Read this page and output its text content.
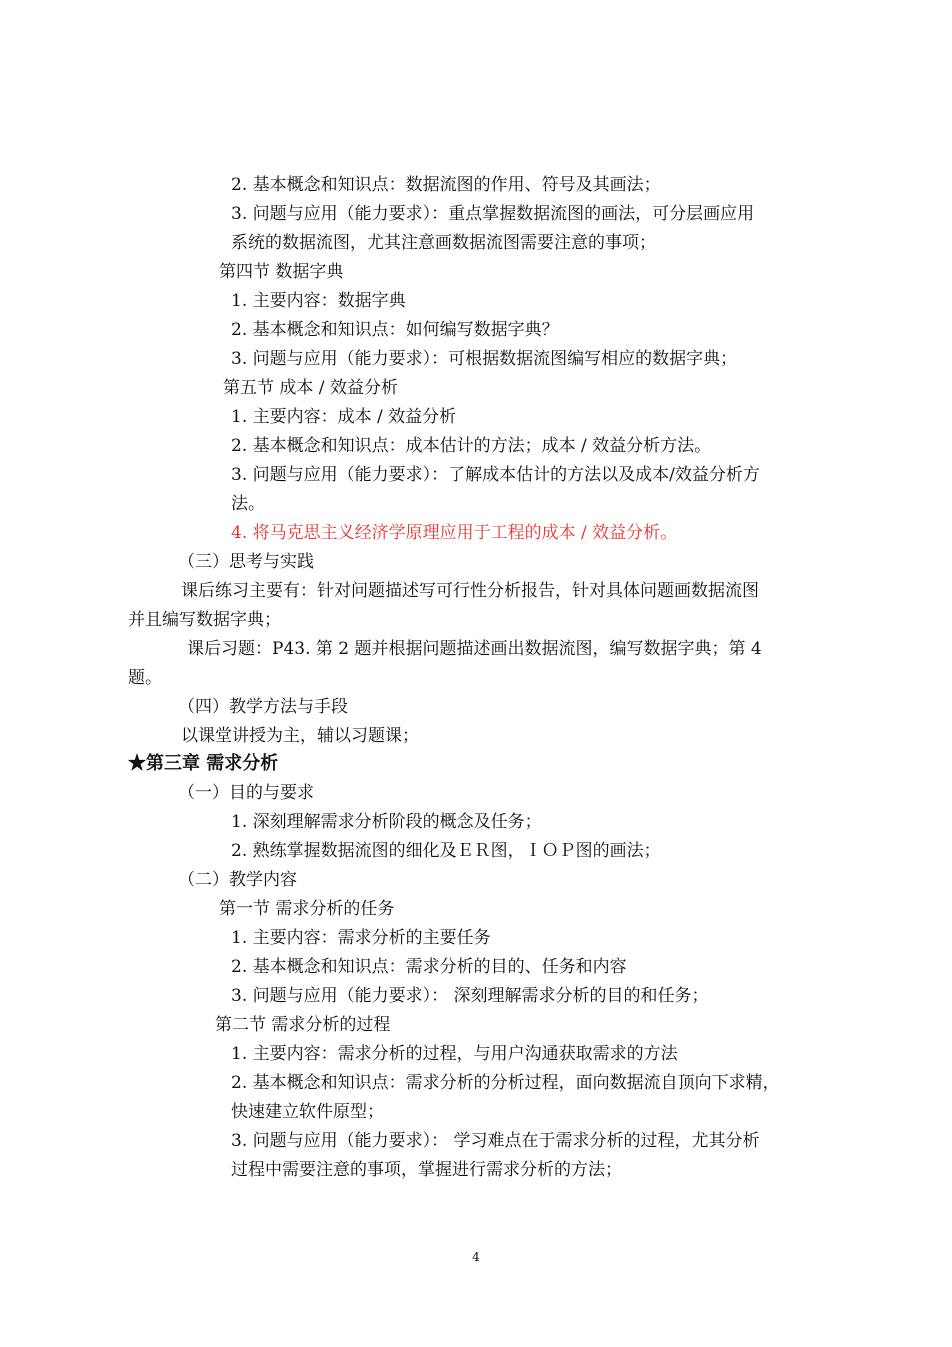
2. 基本概念和知识点：数据流图的作用、符号及其画法；
3. 问题与应用（能力要求）：重点掌握数据流图的画法，可分层画应用
系统的数据流图，尤其注意画数据流图需要注意的事项；
第四节 数据字典
1. 主要内容：数据字典
2. 基本概念和知识点：如何编写数据字典？
3. 问题与应用（能力要求）：可根据数据流图编写相应的数据字典；
第五节 成本 / 效益分析
1. 主要内容：成本 / 效益分析
2. 基本概念和知识点：成本估计的方法；成本 / 效益分析方法。
3. 问题与应用（能力要求）：了解成本估计的方法以及成本/效益分析方
法。
4. 将马克思主义经济学原理应用于工程的成本 / 效益分析。
（三）思考与实践
课后练习主要有：针对问题描述写可行性分析报告，针对具体问题画数据流图
并且编写数据字典；
课后习题：P43. 第 2 题并根据问题描述画出数据流图，编写数据字典；第 4
题。
（四）教学方法与手段
以课堂讲授为主，辅以习题课；
★第三章 需求分析
（一）目的与要求
1. 深刻理解需求分析阶段的概念及任务；
2. 熟练掌握数据流图的细化及ＥＲ图，ＩＯＰ图的画法；
（二）教学内容
第一节 需求分析的任务
1. 主要内容：需求分析的主要任务
2. 基本概念和知识点：需求分析的目的、任务和内容
3. 问题与应用（能力要求）： 深刻理解需求分析的目的和任务；
第二节 需求分析的过程
1. 主要内容：需求分析的过程，与用户沟通获取需求的方法
2. 基本概念和知识点：需求分析的分析过程，面向数据流自顶向下求精，
快速建立软件原型；
3. 问题与应用（能力要求）： 学习难点在于需求分析的过程，尤其分析
过程中需要注意的事项，掌握进行需求分析的方法；
4
